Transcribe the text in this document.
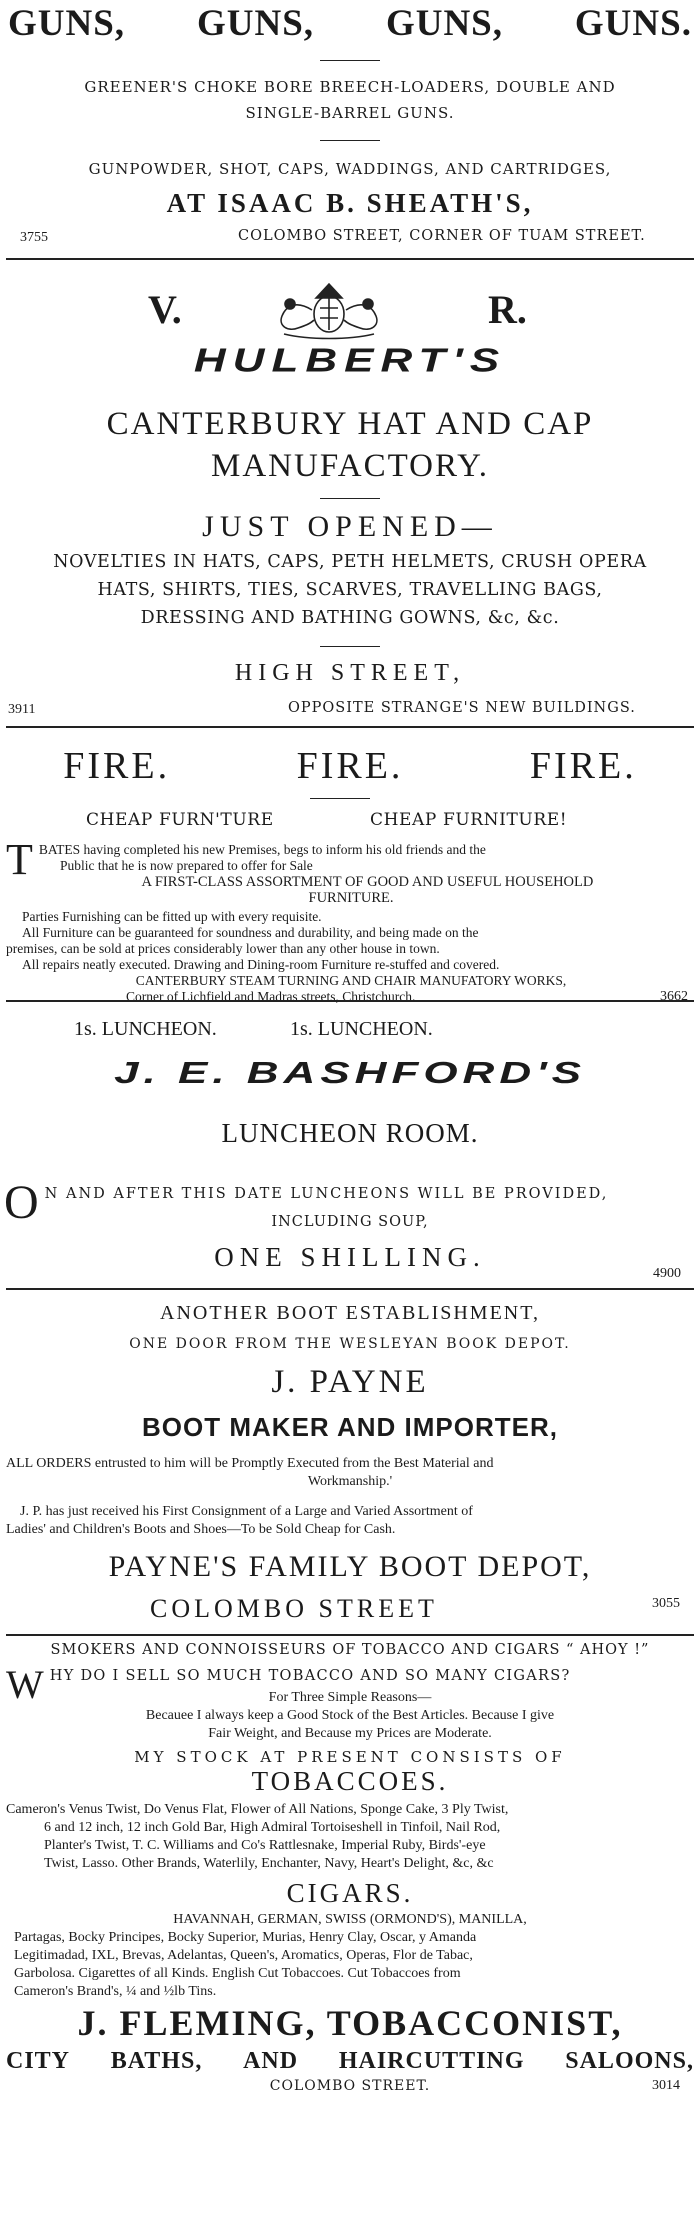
GUNS, GUNS, GUNS, GUNS.
GREENER'S CHOKE BORE BREECH-LOADERS, DOUBLE AND
SINGLE-BARREL GUNS.
GUNPOWDER, SHOT, CAPS, WADDINGS, AND CARTRIDGES,
AT ISAAC B. SHEATH'S,
3755	COLOMBO STREET, CORNER OF TUAM STREET.
V.	R.
HULBERT'S
CANTERBURY HAT AND CAP
MANUFACTORY.
JUST OPENED—
NOVELTIES IN HATS, CAPS, PETH HELMETS, CRUSH OPERA
HATS, SHIRTS, TIES, SCARVES, TRAVELLING BAGS,
DRESSING AND BATHING GOWNS, &c, &c.
HIGH STREET,
3911	OPPOSITE STRANGE'S NEW BUILDINGS.
FIRE.	FIRE.	FIRE.
CHEAP FURN'TURE	CHEAP FURNITURE!
T BATES having completed his new Premises, begs to inform his old friends and the
Public that he is now prepared to offer for Sale
A FIRST-CLASS ASSORTMENT OF GOOD AND USEFUL HOUSEHOLD
FURNITURE.
Parties Furnishing can be fitted up with every requisite.
All Furniture can be guaranteed for soundness and durability, and being made on the
premises, can be sold at prices considerably lower than any other house in town.
All repairs neatly executed. Drawing and Dining-room Furniture re-stuffed and covered.
CANTERBURY STEAM TURNING AND CHAIR MANUFATORY WORKS,
Corner of Lichfield and Madras streets, Christchurch.	3662
1s. LUNCHEON.	1s. LUNCHEON.
J. E. BASHFORD'S
LUNCHEON ROOM.
O N AND AFTER THIS DATE LUNCHEONS WILL BE PROVIDED,
INCLUDING SOUP,
ONE SHILLING.
4900
ANOTHER BOOT ESTABLISHMENT,
ONE DOOR FROM THE WESLEYAN BOOK DEPOT.
J. PAYNE
BOOT MAKER AND IMPORTER,
ALL ORDERS entrusted to him will be Promptly Executed from the Best Material and
Workmanship.'
J. P. has just received his First Consignment of a Large and Varied Assortment of
Ladies' and Children's Boots and Shoes—To be Sold Cheap for Cash.
PAYNE'S FAMILY BOOT DEPOT,
COLOMBO STREET	3055
SMOKERS AND CONNOISSEURS OF TOBACCO AND CIGARS “ AHOY !”
W HY DO I SELL SO MUCH TOBACCO AND SO MANY CIGARS?
For Three Simple Reasons—
Becauee I always keep a Good Stock of the Best Articles. Because I give
Fair Weight, and Because my Prices are Moderate.
MY STOCK AT PRESENT CONSISTS OF
TOBACCOES.
Cameron's Venus Twist, Do Venus Flat, Flower of All Nations, Sponge Cake, 3 Ply Twist,
6 and 12 inch, 12 inch Gold Bar, High Admiral Tortoiseshell in Tinfoil, Nail Rod,
Planter's Twist, T. C. Williams and Co's Rattlesnake, Imperial Ruby, Birds'-eye
Twist, Lasso. Other Brands, Waterlily, Enchanter, Navy, Heart's Delight, &c, &c
CIGARS.
HAVANNAH, GERMAN, SWISS (ORMOND'S), MANILLA,
Partagas, Bocky Principes, Bocky Superior, Murias, Henry Clay, Oscar, y Amanda
Legitimadad, IXL, Brevas, Adelantas, Queen's, Aromatics, Operas, Flor de Tabac,
Garbolosa. Cigarettes of all Kinds. English Cut Tobaccoes. Cut Tobaccoes from
Cameron's Brand's, ¼ and ½lb Tins.
J. FLEMING, TOBACCONIST,
CITY BATHS, AND HAIRCUTTING SALOONS,
COLOMBO STREET.	3014
